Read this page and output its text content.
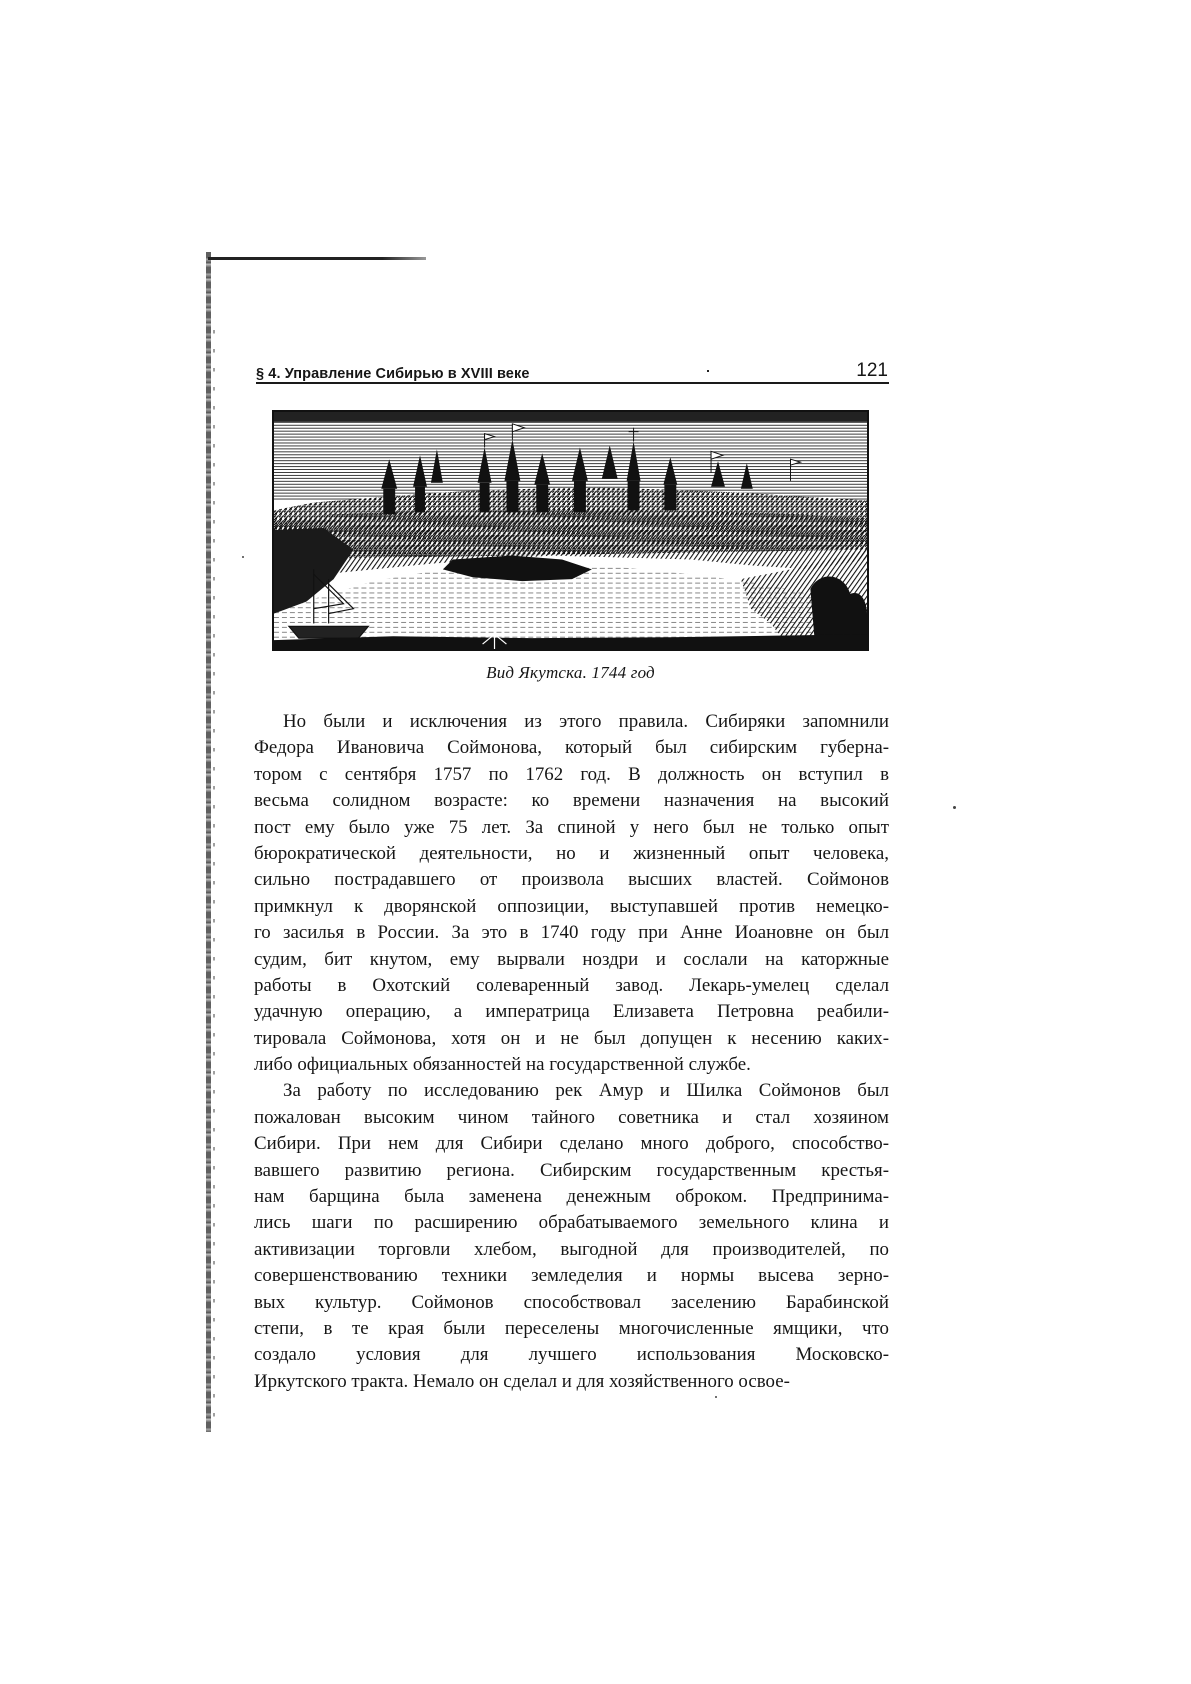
§ 4. Управление Сибирью в XVIII веке	121
Вид Якутска. 1744 год
Но были и исключения из этого правила. Сибиряки запомнили
Федора Ивановича Соймонова, который был сибирским губерна-
тором с сентября 1757 по 1762 год. В должность он вступил в
весьма солидном возрасте: ко времени назначения на высокий
пост ему было уже 75 лет. За спиной у него был не только опыт
бюрократической деятельности, но и жизненный опыт человека,
сильно пострадавшего от произвола высших властей. Соймонов
примкнул к дворянской оппозиции, выступавшей против немецко-
го засилья в России. За это в 1740 году при Анне Иоановне он был
судим, бит кнутом, ему вырвали ноздри и сослали на каторжные
работы в Охотский солеваренный завод. Лекарь-умелец сделал
удачную операцию, а императрица Елизавета Петровна реабили-
тировала Соймонова, хотя он и не был допущен к несению каких-
либо официальных обязанностей на государственной службе.
За работу по исследованию рек Амур и Шилка Соймонов был
пожалован высоким чином тайного советника и стал хозяином
Сибири. При нем для Сибири сделано много доброго, способство-
вавшего развитию региона. Сибирским государственным крестья-
нам барщина была заменена денежным оброком. Предпринима-
лись шаги по расширению обрабатываемого земельного клина и
активизации торговли хлебом, выгодной для производителей, по
совершенствованию техники земледелия и нормы высева зерно-
вых культур. Соймонов способствовал заселению Барабинской
степи, в те края были переселены многочисленные ямщики, что
создало условия для лучшего использования Московско-
Иркутского тракта. Немало он сделал и для хозяйственного освое-
